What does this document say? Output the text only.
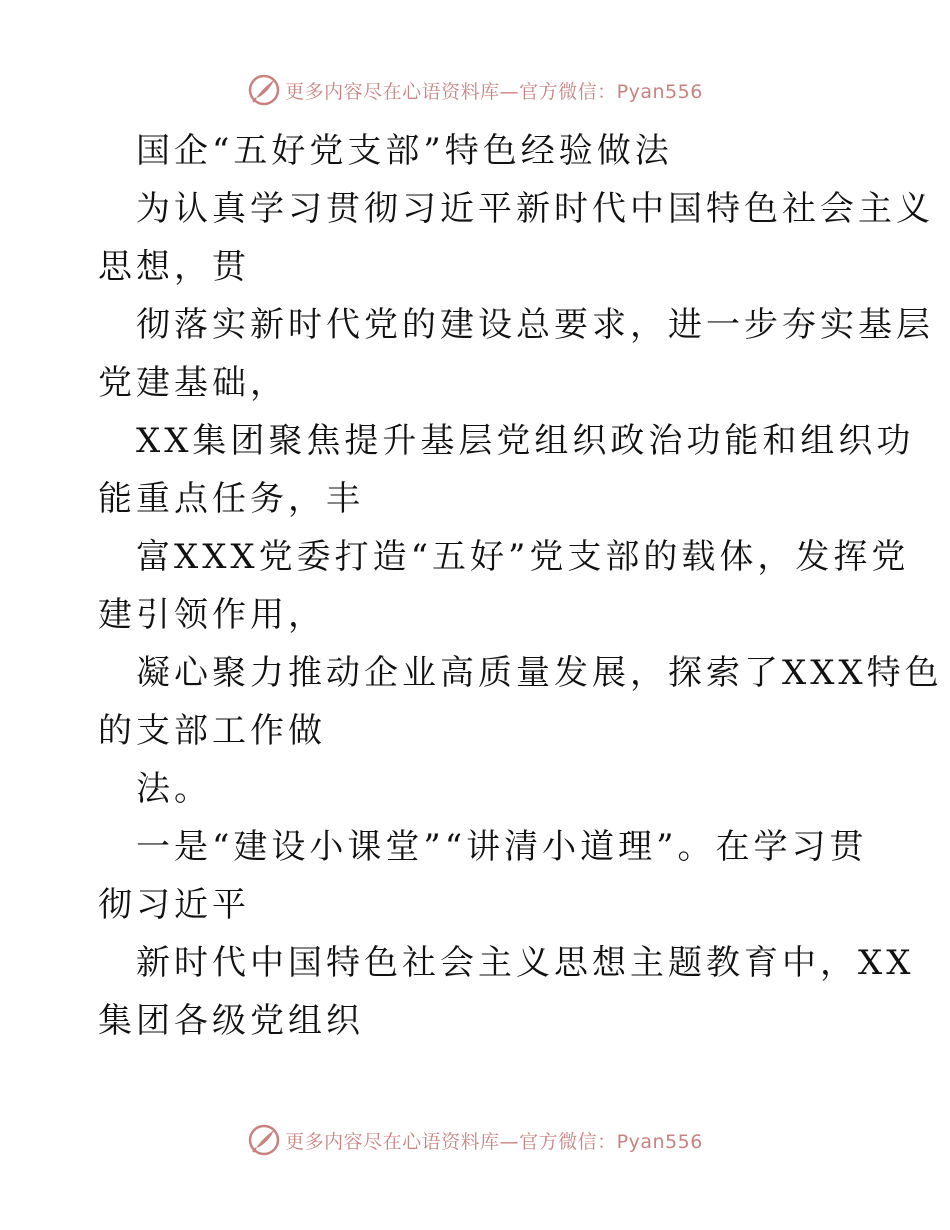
更多内容尽在心语资料库—官方微信：Pyan556

国企“五好党支部”特色经验做法

为认真学习贯彻习近平新时代中国特色社会主义

思想，贯

彻落实新时代党的建设总要求，进一步夯实基层

党建基础，

XX集团聚焦提升基层党组织政治功能和组织功

能重点任务，丰

富XXX党委打造“五好”党支部的载体，发挥党

建引领作用，

凝心聚力推动企业高质量发展，探索了XXX特色

的支部工作做

法。

一是“建设小课堂”“讲清小道理”。在学习贯

彻习近平

新时代中国特色社会主义思想主题教育中，XX

集团各级党组织

更多内容尽在心语资料库—官方微信：Pyan556
